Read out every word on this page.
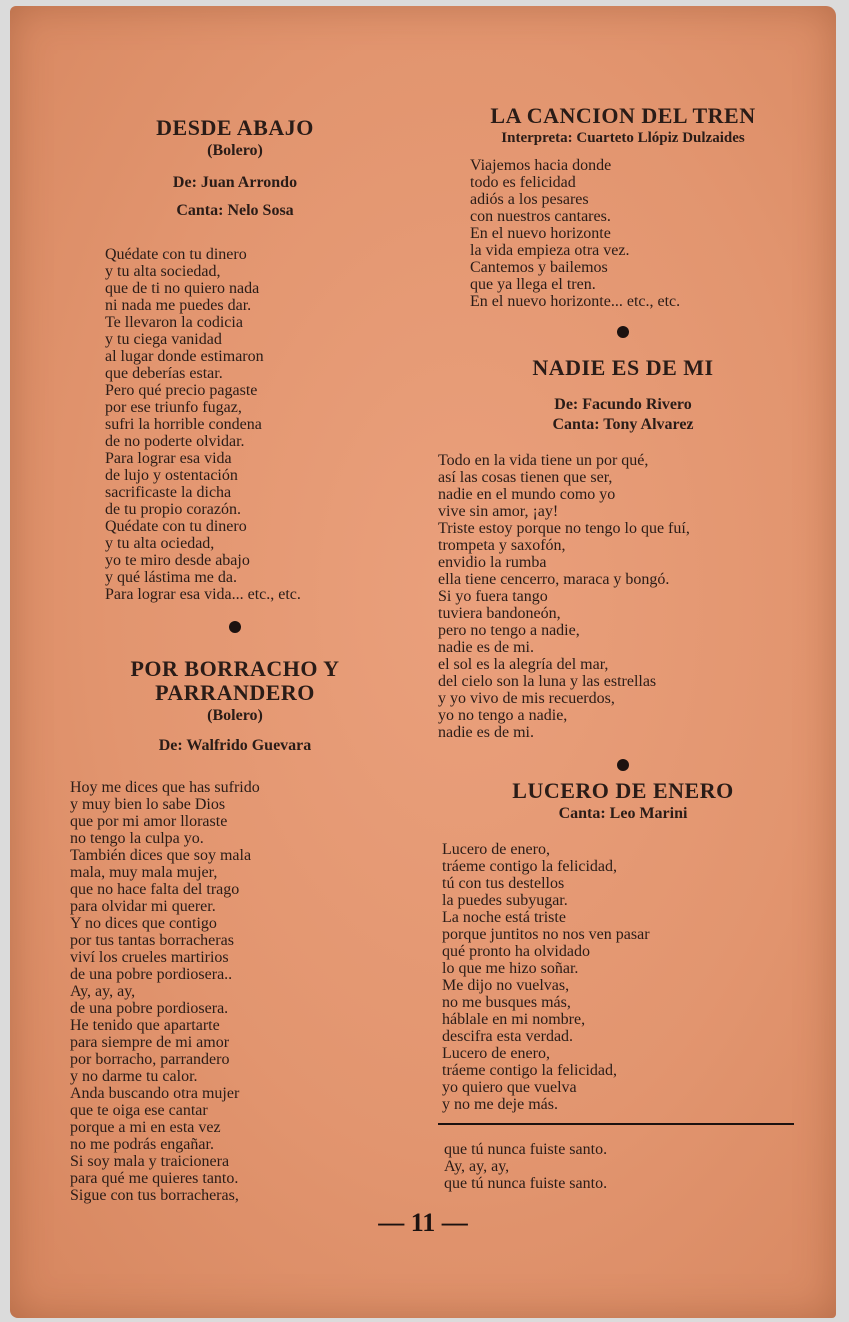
DESDE ABAJO
(Bolero)
De: Juan Arrondo
Canta: Nelo Sosa
Quédate con tu dinero
y tu alta sociedad,
que de ti no quiero nada
ni nada me puedes dar.
Te llevaron la codicia
y tu ciega vanidad
al lugar donde estimaron
que deberías estar.
Pero qué precio pagaste
por ese triunfo fugaz,
sufri la horrible condena
de no poderte olvidar.
Para lograr esa vida
de lujo y ostentación
sacrificaste la dicha
de tu propio corazón.
Quédate con tu dinero
y tu alta ociedad,
yo te miro desde abajo
y qué lástima me da.
Para lograr esa vida... etc., etc.
POR BORRACHO Y
PARRANDERO
(Bolero)
De: Walfrido Guevara
Hoy me dices que has sufrido
y muy bien lo sabe Dios
que por mi amor lloraste
no tengo la culpa yo.
También dices que soy mala
mala, muy mala mujer,
que no hace falta del trago
para olvidar mi querer.
Y no dices que contigo
por tus tantas borracheras
viví los crueles martirios
de una pobre pordiosera..
Ay, ay, ay,
de una pobre pordiosera.
He tenido que apartarte
para siempre de mi amor
por borracho, parrandero
y no darme tu calor.
Anda buscando otra mujer
que te oiga ese cantar
porque a mi en esta vez
no me podrás engañar.
Si soy mala y traicionera
para qué me quieres tanto.
Sigue con tus borracheras,
LA CANCION DEL TREN
Interpreta: Cuarteto Llópiz Dulzaides
Viajemos hacia donde
todo es felicidad
adiós a los pesares
con nuestros cantares.
En el nuevo horizonte
la vida empieza otra vez.
Cantemos y bailemos
que ya llega el tren.
En el nuevo horizonte... etc., etc.
NADIE ES DE MI
De: Facundo Rivero
Canta: Tony Alvarez
Todo en la vida tiene un por qué,
así las cosas tienen que ser,
nadie en el mundo como yo
vive sin amor, ¡ay!
Triste estoy porque no tengo lo que fuí,
trompeta y saxofón,
envidio la rumba
ella tiene cencerro, maraca y bongó.
Si yo fuera tango
tuviera bandoneón,
pero no tengo a nadie,
nadie es de mi.
el sol es la alegría del mar,
del cielo son la luna y las estrellas
y yo vivo de mis recuerdos,
yo no tengo a nadie,
nadie es de mi.
LUCERO DE ENERO
Canta: Leo Marini
Lucero de enero,
tráeme contigo la felicidad,
tú con tus destellos
la puedes subyugar.
La noche está triste
porque juntitos no nos ven pasar
qué pronto ha olvidado
lo que me hizo soñar.
Me dijo no vuelvas,
no me busques más,
háblale en mi nombre,
descifra esta verdad.
Lucero de enero,
tráeme contigo la felicidad,
yo quiero que vuelva
y no me deje más.
que tú nunca fuiste santo.
Ay, ay, ay,
que tú nunca fuiste santo.
— 11 —
